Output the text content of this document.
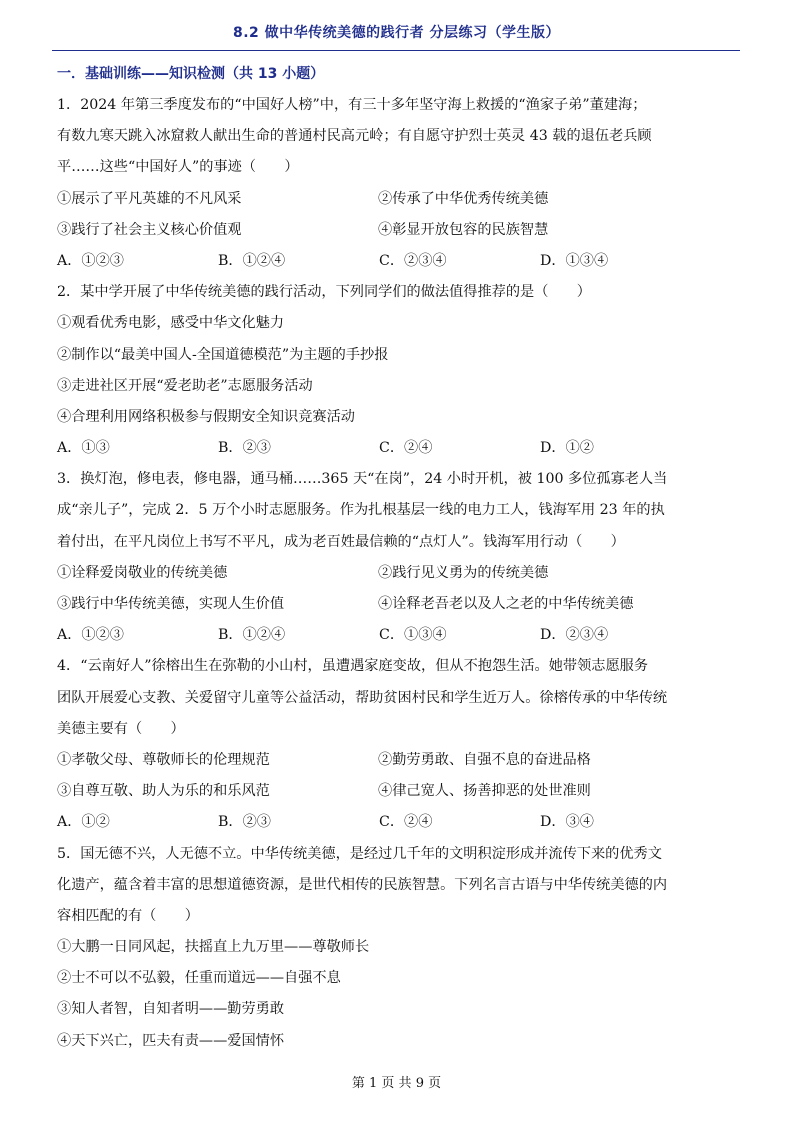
8.2 做中华传统美德的践行者 分层练习（学生版）
一．基础训练——知识检测（共 13 小题）
1．2024 年第三季度发布的“中国好人榜”中，有三十多年坚守海上救援的“渔家子弟”董建海；
有数九寒天跳入冰窟救人献出生命的普通村民高元岭；有自愿守护烈士英灵 43 载的退伍老兵顾
平……这些“中国好人”的事迹（　　）
①展示了平凡英雄的不凡风采	②传承了中华优秀传统美德
③践行了社会主义核心价值观	④彰显开放包容的民族智慧
A．①②③	B．①②④	C．②③④	D．①③④
2．某中学开展了中华传统美德的践行活动，下列同学们的做法值得推荐的是（　　）
①观看优秀电影，感受中华文化魅力
②制作以“最美中国人-全国道德模范”为主题的手抄报
③走进社区开展“爱老助老”志愿服务活动
④合理利用网络积极参与假期安全知识竞赛活动
A．①③	B．②③	C．②④	D．①②
3．换灯泡，修电表，修电器，通马桶……365 天“在岗”，24 小时开机，被 100 多位孤寡老人当
成“亲儿子”，完成 2．5 万个小时志愿服务。作为扎根基层一线的电力工人，钱海军用 23 年的执
着付出，在平凡岗位上书写不平凡，成为老百姓最信赖的“点灯人”。钱海军用行动（　　）
①诠释爱岗敬业的传统美德	②践行见义勇为的传统美德
③践行中华传统美德，实现人生价值	④诠释老吾老以及人之老的中华传统美德
A．①②③	B．①②④	C．①③④	D．②③④
4．“云南好人”徐榕出生在弥勒的小山村，虽遭遇家庭变故，但从不抱怨生活。她带领志愿服务
团队开展爱心支教、关爱留守儿童等公益活动，帮助贫困村民和学生近万人。徐榕传承的中华传统
美德主要有（　　）
①孝敬父母、尊敬师长的伦理规范	②勤劳勇敢、自强不息的奋进品格
③自尊互敬、助人为乐的和乐风范	④律己宽人、扬善抑恶的处世准则
A．①②	B．②③	C．②④	D．③④
5．国无德不兴，人无德不立。中华传统美德，是经过几千年的文明积淀形成并流传下来的优秀文
化遗产，蕴含着丰富的思想道德资源，是世代相传的民族智慧。下列名言古语与中华传统美德的内
容相匹配的有（　　）
①大鹏一日同风起，扶摇直上九万里——尊敬师长
②士不可以不弘毅，任重而道远——自强不息
③知人者智，自知者明——勤劳勇敢
④天下兴亡，匹夫有责——爱国情怀
第 1 页 共 9 页
